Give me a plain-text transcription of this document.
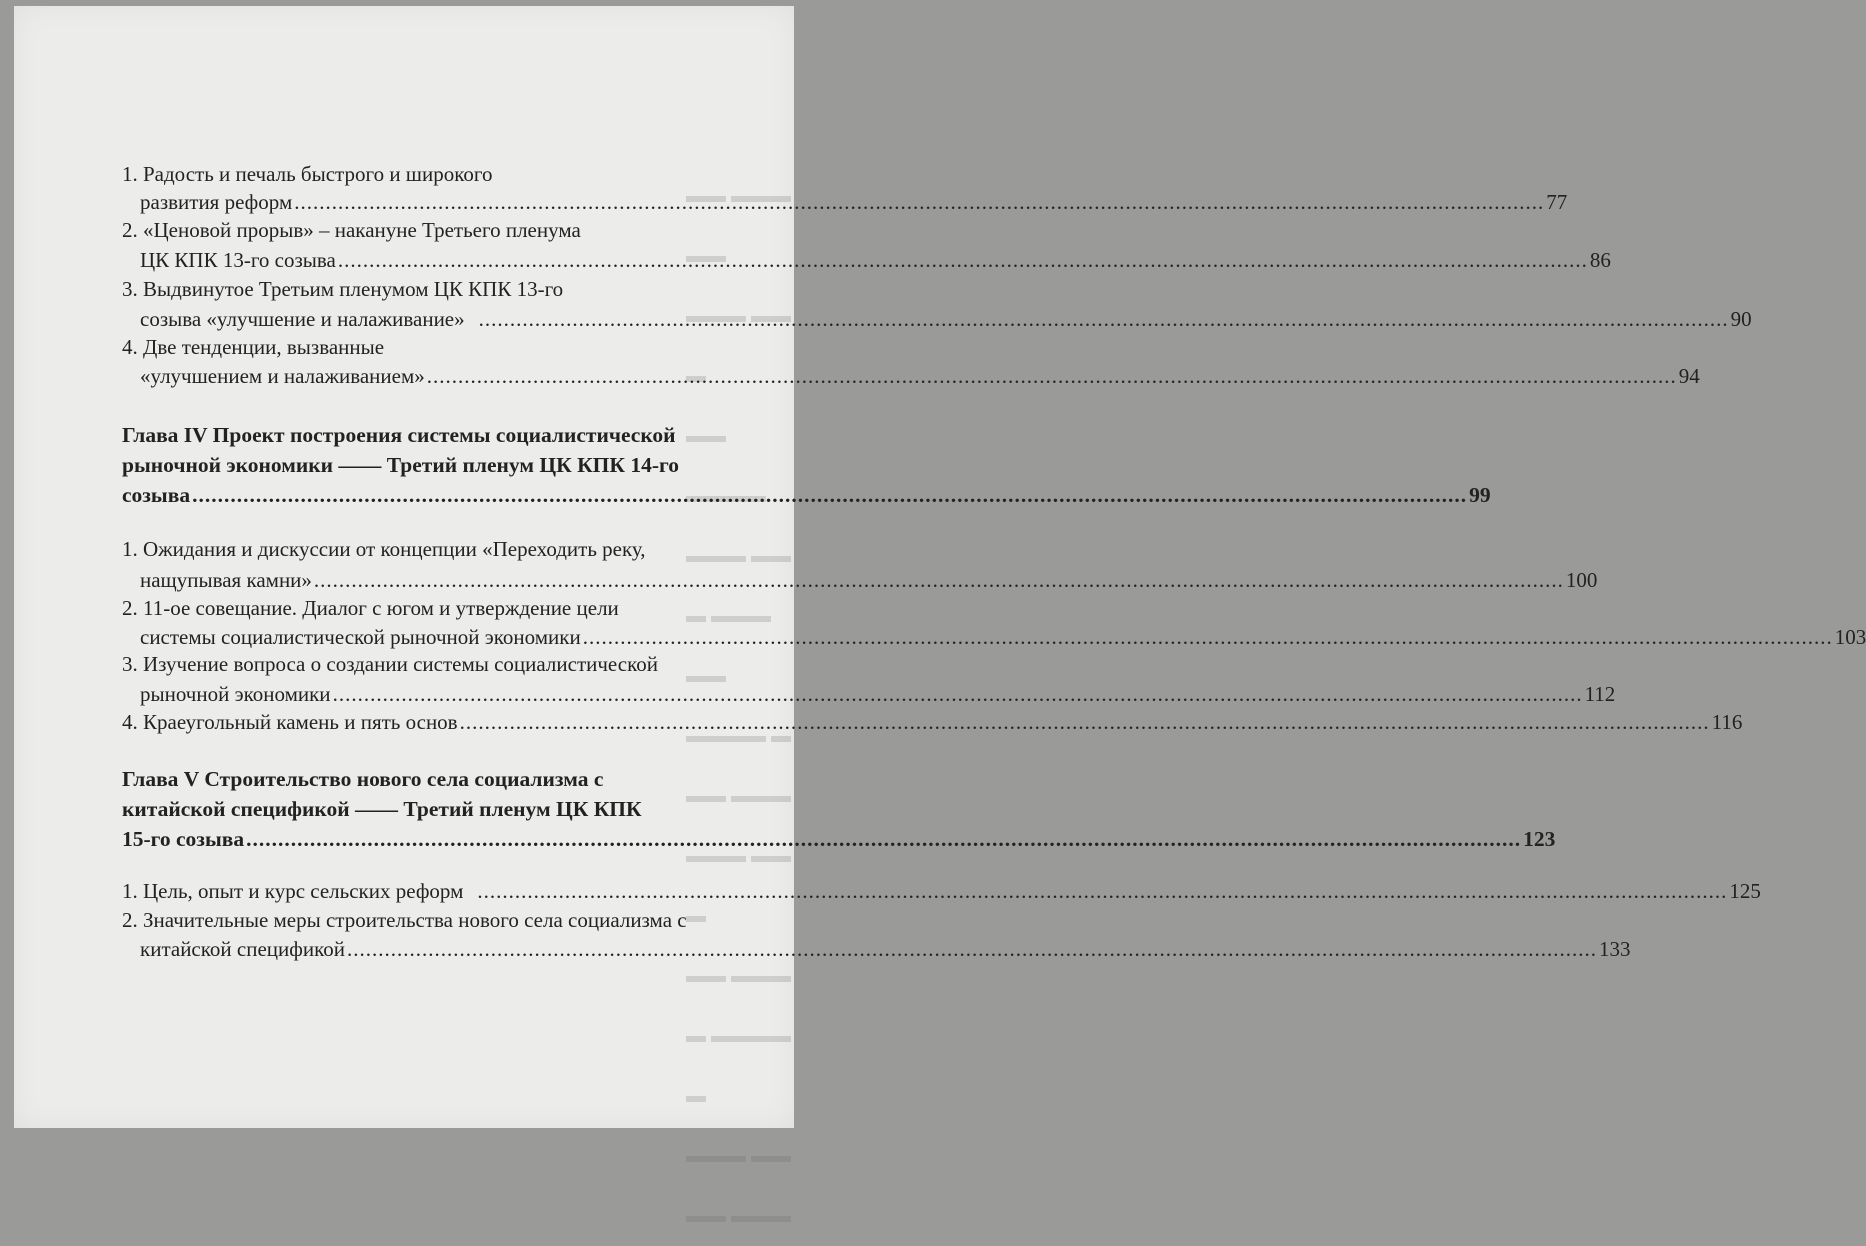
▬▬ ▬▬▬ ▬▬
▬▬▬ ▬▬ ▬
▬▬ ▬▬▬▬
▬▬▬ ▬▬
▬ ▬▬▬ ▬▬
▬▬▬▬ ▬
▬▬ ▬▬▬
▬▬▬ ▬▬ ▬
▬▬ ▬▬▬
▬ ▬▬▬▬ ▬
▬▬▬ ▬▬
▬▬ ▬▬▬
1. Радость и печаль быстрого и широкого
развития реформ .....	77
2. «Ценовой прорыв» – накануне Третьего пленума
ЦК КПК 13-го созыва .....	86
3. Выдвинутое Третьим пленумом ЦК КПК 13-го
созыва «улучшение и налаживание» .....	90
4. Две тенденции, вызванные
«улучшением и налаживанием» .....	94
Глава IV Проект построения системы социалистической
рыночной экономики —— Третий пленум ЦК КПК 14-го
созыва .....	99
1. Ожидания и дискуссии от концепции «Переходить реку,
нащупывая камни» .....	100
2. 11-ое совещание. Диалог с югом и утверждение цели
системы социалистической рыночной экономики .....	103
3. Изучение вопроса о создании системы социалистической
рыночной экономики .....	112
4. Краеугольный камень и пять основ .....	116
Глава V Строительство нового села социализма с
китайской спецификой —— Третий пленум ЦК КПК
15-го созыва .....	123
1. Цель, опыт и курс сельских реформ .....	125
2. Значительные меры строительства нового села социализма с
китайской спецификой .....	133
